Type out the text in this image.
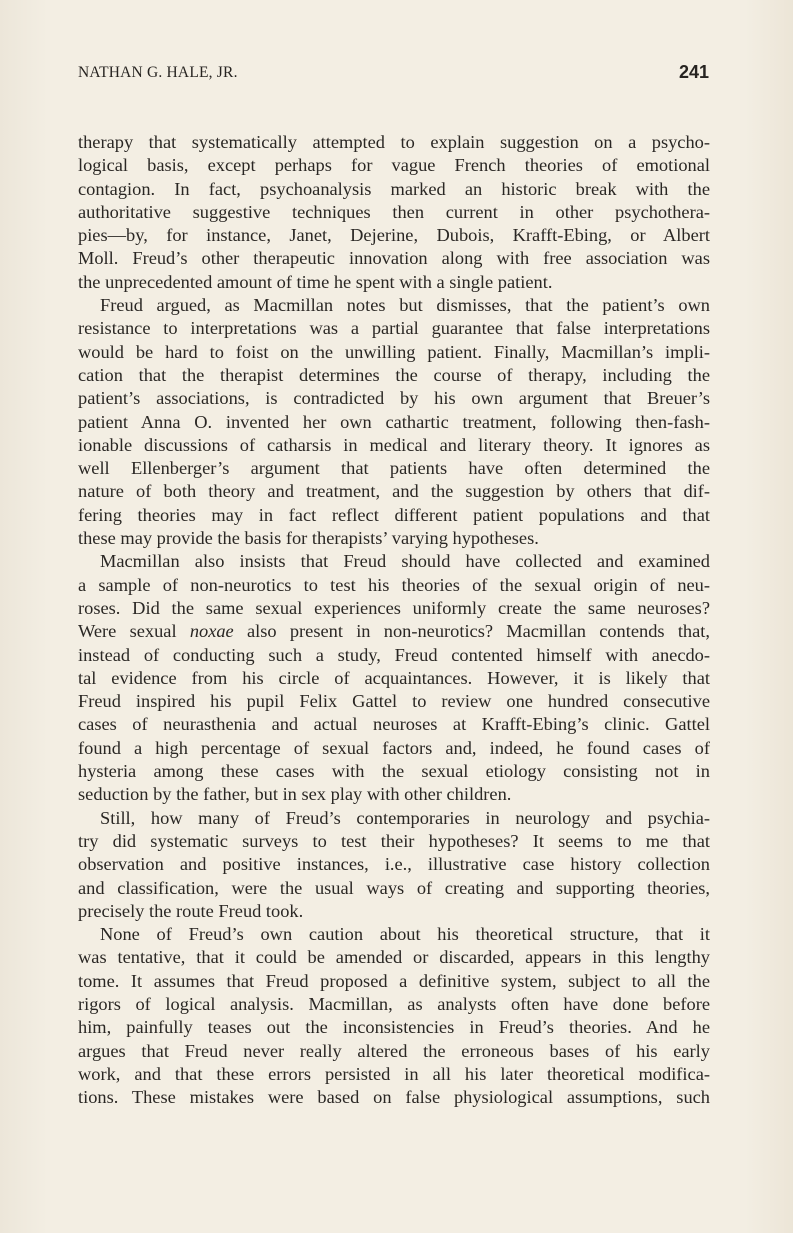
NATHAN G. HALE, JR.	241
therapy that systematically attempted to explain suggestion on a psycho-
logical basis, except perhaps for vague French theories of emotional
contagion. In fact, psychoanalysis marked an historic break with the
authoritative suggestive techniques then current in other psychothera-
pies—by, for instance, Janet, Dejerine, Dubois, Krafft-Ebing, or Albert
Moll. Freud’s other therapeutic innovation along with free association was
the unprecedented amount of time he spent with a single patient.
Freud argued, as Macmillan notes but dismisses, that the patient’s own
resistance to interpretations was a partial guarantee that false interpretations
would be hard to foist on the unwilling patient. Finally, Macmillan’s impli-
cation that the therapist determines the course of therapy, including the
patient’s associations, is contradicted by his own argument that Breuer’s
patient Anna O. invented her own cathartic treatment, following then-fash-
ionable discussions of catharsis in medical and literary theory. It ignores as
well Ellenberger’s argument that patients have often determined the
nature of both theory and treatment, and the suggestion by others that dif-
fering theories may in fact reflect different patient populations and that
these may provide the basis for therapists’ varying hypotheses.
Macmillan also insists that Freud should have collected and examined
a sample of non-neurotics to test his theories of the sexual origin of neu-
roses. Did the same sexual experiences uniformly create the same neuroses?
Were sexual noxae also present in non-neurotics? Macmillan contends that,
instead of conducting such a study, Freud contented himself with anecdo-
tal evidence from his circle of acquaintances. However, it is likely that
Freud inspired his pupil Felix Gattel to review one hundred consecutive
cases of neurasthenia and actual neuroses at Krafft-Ebing’s clinic. Gattel
found a high percentage of sexual factors and, indeed, he found cases of
hysteria among these cases with the sexual etiology consisting not in
seduction by the father, but in sex play with other children.
Still, how many of Freud’s contemporaries in neurology and psychia-
try did systematic surveys to test their hypotheses? It seems to me that
observation and positive instances, i.e., illustrative case history collection
and classification, were the usual ways of creating and supporting theories,
precisely the route Freud took.
None of Freud’s own caution about his theoretical structure, that it
was tentative, that it could be amended or discarded, appears in this lengthy
tome. It assumes that Freud proposed a definitive system, subject to all the
rigors of logical analysis. Macmillan, as analysts often have done before
him, painfully teases out the inconsistencies in Freud’s theories. And he
argues that Freud never really altered the erroneous bases of his early
work, and that these errors persisted in all his later theoretical modifica-
tions. These mistakes were based on false physiological assumptions, such
